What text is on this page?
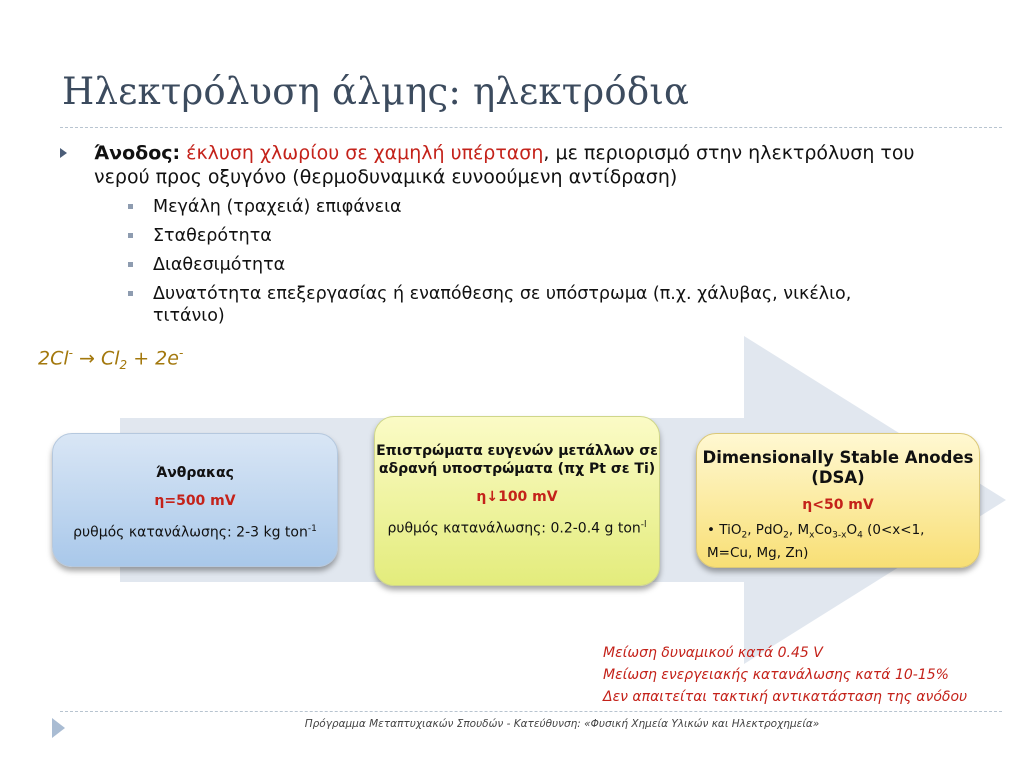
Ηλεκτρόλυση άλμης: ηλεκτρόδια
Άνοδος: έκλυση χλωρίου σε χαμηλή υπέρταση, με περιορισμό στην ηλεκτρόλυση του νερού προς οξυγόνο (θερμοδυναμικά ευνοούμενη αντίδραση)
Μεγάλη (τραχειά) επιφάνεια
Σταθερότητα
Διαθεσιμότητα
Δυνατότητα επεξεργασίας ή εναπόθεσης σε υπόστρωμα (π.χ. χάλυβας, νικέλιο, τιτάνιο)
$2Cl^- \to Cl_2 + 2e^-$
Άνθρακας
η=500 mV
ρυθμός κατανάλωσης: 2-3 kg ton$^{-1}$
Επιστρώματα ευγενών μετάλλων σε αδρανή υποστρώματα (πχ Pt σε Ti)
η↓100 mV
ρυθμός κατανάλωσης: 0.2-0.4 g ton$^{-l}$
Dimensionally Stable Anodes (DSA)
η<50 mV
• TiO$_2$, PdO$_2$, $M_xCo_{3-x}O_4$ (0<x<1, M=Cu, Mg, Zn)
Μείωση δυναμικού κατά 0.45 V
Μείωση ενεργειακής κατανάλωσης κατά 10-15%
Δεν απαιτείται τακτική αντικατάσταση της ανόδου
Πρόγραμμα Μεταπτυχιακών Σπουδών - Κατεύθυνση: «Φυσική Χημεία Υλικών και Ηλεκτροχημεία»
